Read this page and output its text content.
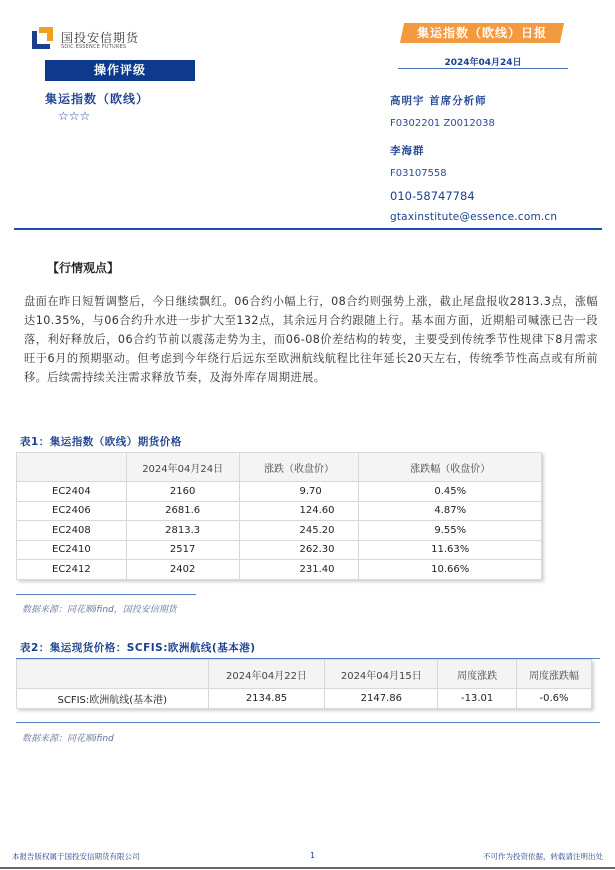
国投安信期货
SDIC ESSENCE FUTURES
操作评级
集运指数（欧线）
☆☆☆
集运指数（欧线）日报
2024年04月24日
高明宇 首席分析师
F0302201 Z0012038
李海群
F03107558
010-58747784
gtaxinstitute@essence.com.cn
【行情观点】
盘面在昨日短暂调整后，今日继续飘红。06合约小幅上行，08合约则强势上涨，截止尾盘报收2813.3点，涨幅达10.35%，与06合约升水进一步扩大至132点，其余远月合约跟随上行。基本面方面，近期船司喊涨已告一段落，利好释放后，06合约节前以震荡走势为主，而06-08价差结构的转变，主要受到传统季节性规律下8月需求旺于6月的预期驱动。但考虑到今年绕行后远东至欧洲航线航程比往年延长20天左右，传统季节性高点或有所前移。后续需持续关注需求释放节奏，及海外库存周期进展。
表1：集运指数（欧线）期货价格
	2024年04月24日	涨跌（收盘价）	涨跌幅（收盘价）
EC2404	2160	9.70	0.45%
EC2406	2681.6	124.60	4.87%
EC2408	2813.3	245.20	9.55%
EC2410	2517	262.30	11.63%
EC2412	2402	231.40	10.66%
数据来源：同花顺ifind，国投安信期货
表2：集运现货价格：SCFIS:欧洲航线(基本港)
	2024年04月22日	2024年04月15日	周度涨跌	周度涨跌幅
SCFIS:欧洲航线(基本港)	2134.85	2147.86	-13.01	-0.6%
数据来源：同花顺ifind
本报告版权属于国投安信期货有限公司	1	不可作为投资依据，转载请注明出处
